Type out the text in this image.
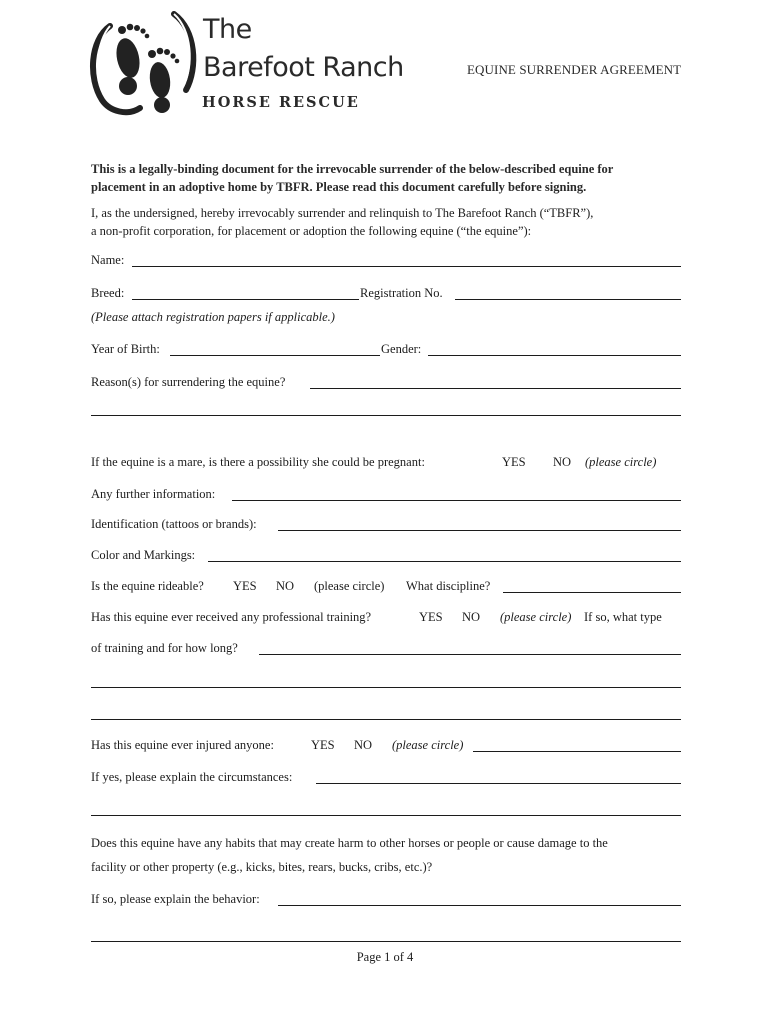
The
Barefoot Ranch
HORSE RESCUE
EQUINE SURRENDER AGREEMENT
This is a legally-binding document for the irrevocable surrender of the below-described equine for
placement in an adoptive home by TBFR. Please read this document carefully before signing.
I, as the undersigned, hereby irrevocably surrender and relinquish to The Barefoot Ranch (“TBFR”),
a non-profit corporation, for placement or adoption the following equine (“the equine”):
Name:
Breed:	Registration No.
(Please attach registration papers if applicable.)
Year of Birth:	Gender:
Reason(s) for surrendering the equine?
If the equine is a mare, is there a possibility she could be pregnant:	YES NO (please circle)
Any further information:
Identification (tattoos or brands):
Color and Markings:
Is the equine rideable? YES NO (please circle) What discipline?
Has this equine ever received any professional training?	YES NO (please circle) If so, what type
of training and for how long?
Has this equine ever injured anyone:	YES NO (please circle)
If yes, please explain the circumstances:
Does this equine have any habits that may create harm to other horses or people or cause damage to the
facility or other property (e.g., kicks, bites, rears, bucks, cribs, etc.)?
If so, please explain the behavior:
Page 1 of 4
